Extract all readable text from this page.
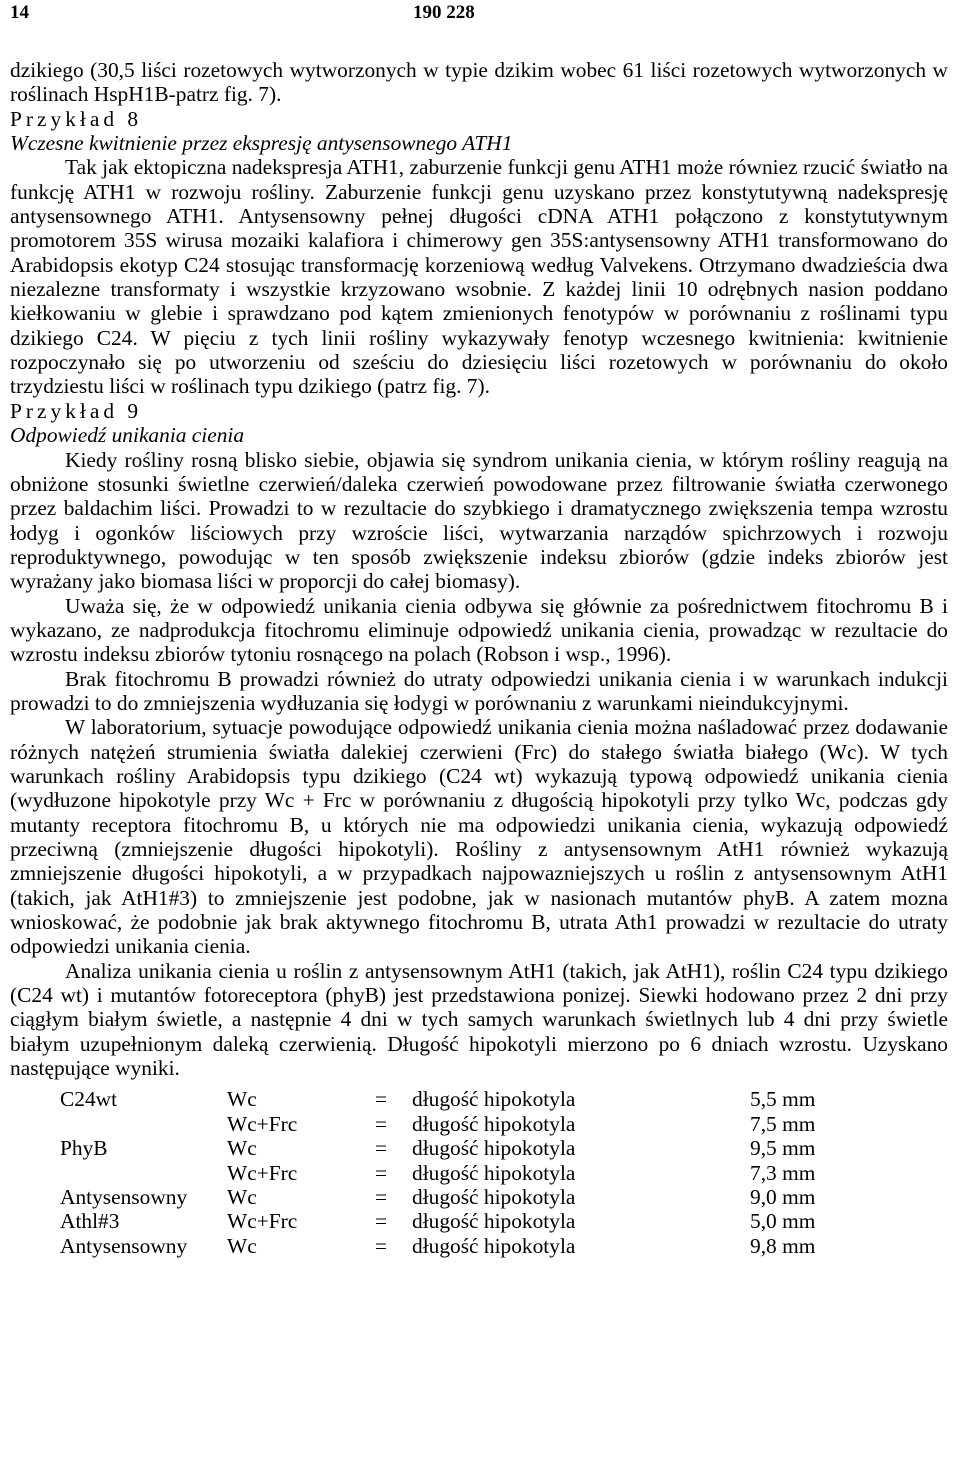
14	190 228

dzikiego (30,5 liści rozetowych wytworzonych w typie dzikim wobec 61 liści rozetowych wytworzonych w roślinach HspH1B-patrz fig. 7).

Przykład 8

Wczesne kwitnienie przez ekspresję antysensownego ATH1

Tak jak ektopiczna nadekspresja ATH1, zaburzenie funkcji genu ATH1 może równiez rzucić światło na funkcję ATH1 w rozwoju rośliny. Zaburzenie funkcji genu uzyskano przez konstytutywną nadekspresję antysensownego ATH1. Antysensowny pełnej długości cDNA ATH1 połączono z konstytutywnym promotorem 35S wirusa mozaiki kalafiora i chimerowy gen 35S:antysensowny ATH1 transformowano do Arabidopsis ekotyp C24 stosując transformację korzeniową według Valvekens. Otrzymano dwadzieścia dwa niezalezne transformaty i wszystkie krzyzowano wsobnie. Z każdej linii 10 odrębnych nasion poddano kiełkowaniu w glebie i sprawdzano pod kątem zmienionych fenotypów w porównaniu z roślinami typu dzikiego C24. W pięciu z tych linii rośliny wykazywały fenotyp wczesnego kwitnienia: kwitnienie rozpoczynało się po utworzeniu od sześciu do dziesięciu liści rozetowych w porównaniu do około trzydziestu liści w roślinach typu dzikiego (patrz fig. 7).

Przykład 9

Odpowiedź unikania cienia

Kiedy rośliny rosną blisko siebie, objawia się syndrom unikania cienia, w którym rośliny reagują na obniżone stosunki świetlne czerwień/daleka czerwień powodowane przez filtrowanie światła czerwonego przez baldachim liści. Prowadzi to w rezultacie do szybkiego i dramatycznego zwiększenia tempa wzrostu łodyg i ogonków liściowych przy wzroście liści, wytwarzania narządów spichrzowych i rozwoju reproduktywnego, powodując w ten sposób zwiększenie indeksu zbiorów (gdzie indeks zbiorów jest wyrażany jako biomasa liści w proporcji do całej biomasy).

Uważa się, że w odpowiedź unikania cienia odbywa się głównie za pośrednictwem fitochromu B i wykazano, ze nadprodukcja fitochromu eliminuje odpowiedź unikania cienia, prowadząc w rezultacie do wzrostu indeksu zbiorów tytoniu rosnącego na polach (Robson i wsp., 1996).

Brak fitochromu B prowadzi również do utraty odpowiedzi unikania cienia i w warunkach indukcji prowadzi to do zmniejszenia wydłuzania się łodygi w porównaniu z warunkami nieindukcyjnymi.

W laboratorium, sytuacje powodujące odpowiedź unikania cienia można naśladować przez dodawanie różnych natężeń strumienia światła dalekiej czerwieni (Frc) do stałego światła białego (Wc). W tych warunkach rośliny Arabidopsis typu dzikiego (C24 wt) wykazują typową odpowiedź unikania cienia (wydłuzone hipokotyle przy Wc + Frc w porównaniu z długością hipokotyli przy tylko Wc, podczas gdy mutanty receptora fitochromu B, u których nie ma odpowiedzi unikania cienia, wykazują odpowiedź przeciwną (zmniejszenie długości hipokotyli). Rośliny z antysensownym AtH1 również wykazują zmniejszenie długości hipokotyli, a w przypadkach najpowazniejszych u roślin z antysensownym AtH1 (takich, jak AtH1#3) to zmniejszenie jest podobne, jak w nasionach mutantów phyB. A zatem mozna wnioskować, że podobnie jak brak aktywnego fitochromu B, utrata Ath1 prowadzi w rezultacie do utraty odpowiedzi unikania cienia.

Analiza unikania cienia u roślin z antysensownym AtH1 (takich, jak AtH1), roślin C24 typu dzikiego (C24 wt) i mutantów fotoreceptora (phyB) jest przedstawiona ponizej. Siewki hodowano przez 2 dni przy ciągłym białym świetle, a następnie 4 dni w tych samych warunkach świetlnych lub 4 dni przy świetle białym uzupełnionym daleką czerwienią. Długość hipokotyli mierzono po 6 dniach wzrostu. Uzyskano następujące wyniki.

C24wt	Wc	=	długość hipokotyla	5,5 mm
	Wc+Frc	=	długość hipokotyla	7,5 mm
PhyB	Wc	=	długość hipokotyla	9,5 mm
	Wc+Frc	=	długość hipokotyla	7,3 mm
Antysensowny	Wc	=	długość hipokotyla	9,0 mm
Athl#3	Wc+Frc	=	długość hipokotyla	5,0 mm
Antysensowny	Wc	=	długość hipokotyla	9,8 mm
